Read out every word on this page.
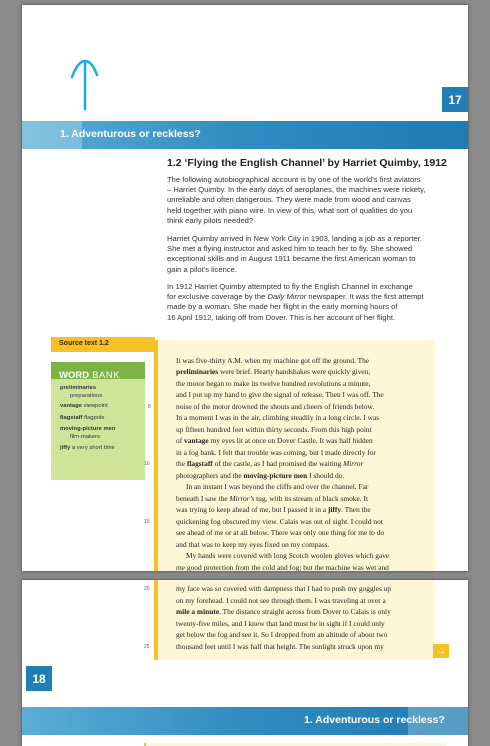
17
1. Adventurous or reckless?
1.2 ‘Flying the English Channel’ by Harriet Quimby, 1912

The following autobiographical account is by one of the world’s first aviators
– Harriet Quimby. In the early days of aeroplanes, the machines were rickety,
unreliable and often dangerous. They were made from wood and canvas
held together with piano wire. In view of this, what sort of qualities do you
think early pilots needed?

Harriet Quimby arrived in New York City in 1903, landing a job as a reporter.
She met a flying instructor and asked him to teach her to fly. She showed
exceptional skills and in August 1911 became the first American woman to
gain a pilot’s licence.

In 1912 Harriet Quimby attempted to fly the English Channel in exchange
for exclusive coverage by the Daily Mirror newspaper. It was the first attempt
made by a woman. She made her flight in the early morning hours of
16 April 1912, taking off from Dover. This is her account of her flight.

Source text 1.2
WORD BANK
preliminaries
preparations
vantage viewpoint
flagstaff flagpole
moving-picture men
film-makers
jiffy a very short time
5
10
15
It was five-thirty A.M. when my machine got off the ground. The
preliminaries were brief. Hearty handshakes were quickly given,
the motor began to make its twelve hundred revolutions a minute,
and I put up my hand to give the signal of release. Then I was off. The
noise of the motor drowned the shouts and cheers of friends below.
In a moment I was in the air, climbing steadily in a long circle. I was
up fifteen hundred feet within thirty seconds. From this high point
of vantage my eyes lit at once on Dover Castle. It was half hidden
in a fog bank. I felt that trouble was coming, but I made directly for
the flagstaff of the castle, as I had promised the waiting Mirror
photographers and the moving-picture men I should do.
In an instant I was beyond the cliffs and over the channel. Far
beneath I saw the Mirror’s tug, with its stream of black smoke. It
was trying to keep ahead of me, but I passed it in a jiffy. Then the
quickening fog obscured my view. Calais was out of sight. I could not
see ahead of me or at all below. There was only one thing for me to do
and that was to keep my eyes fixed on my compass.
My hands were covered with long Scotch woolen gloves which gave
me good protection from the cold and fog; but the machine was wet and
20
25
my face was so covered with dampness that I had to push my goggles up
on my forehead. I could not see through them. I was traveling at over a
mile a minute. The distance straight across from Dover to Calais is only
twenty-five miles, and I knew that land must be in sight if I could only
get below the fog and see it. So I dropped from an altitude of about two
thousand feet until I was half that height. The sunlight struck upon my	→
18
1. Adventurous or reckless?
